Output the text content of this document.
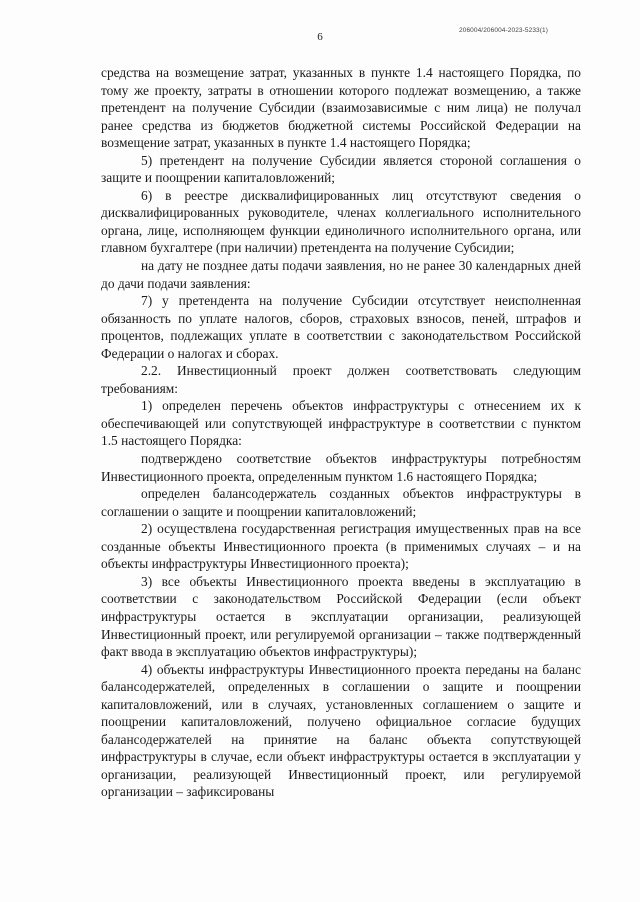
206004/206004-2023-5233(1)
6

средства на возмещение затрат, указанных в пункте 1.4 настоящего Порядка, по тому же проекту, затраты в отношении которого подлежат возмещению, а также претендент на получение Субсидии (взаимозависимые с ним лица) не получал ранее средства из бюджетов бюджетной системы Российской Федерации на возмещение затрат, указанных в пункте 1.4 настоящего Порядка;

5) претендент на получение Субсидии является стороной соглашения о защите и поощрении капиталовложений;

6) в реестре дисквалифицированных лиц отсутствуют сведения о дисквалифицированных руководителе, членах коллегиального исполнительного органа, лице, исполняющем функции единоличного исполнительного органа, или главном бухгалтере (при наличии) претендента на получение Субсидии;

на дату не позднее даты подачи заявления, но не ранее 30 календарных дней до дачи подачи заявления:

7) у претендента на получение Субсидии отсутствует неисполненная обязанность по уплате налогов, сборов, страховых взносов, пеней, штрафов и процентов, подлежащих уплате в соответствии с законодательством Российской Федерации о налогах и сборах.

2.2. Инвестиционный проект должен соответствовать следующим требованиям:

1) определен перечень объектов инфраструктуры с отнесением их к обеспечивающей или сопутствующей инфраструктуре в соответствии с пунктом 1.5 настоящего Порядка:

подтверждено соответствие объектов инфраструктуры потребностям Инвестиционного проекта, определенным пунктом 1.6 настоящего Порядка;

определен балансодержатель созданных объектов инфраструктуры в соглашении о защите и поощрении капиталовложений;

2) осуществлена государственная регистрация имущественных прав на все созданные объекты Инвестиционного проекта (в применимых случаях – и на объекты инфраструктуры Инвестиционного проекта);

3) все объекты Инвестиционного проекта введены в эксплуатацию в соответствии с законодательством Российской Федерации (если объект инфраструктуры остается в эксплуатации организации, реализующей Инвестиционный проект, или регулируемой организации – также подтвержденный факт ввода в эксплуатацию объектов инфраструктуры);

4) объекты инфраструктуры Инвестиционного проекта переданы на баланс балансодержателей, определенных в соглашении о защите и поощрении капиталовложений, или в случаях, установленных соглашением о защите и поощрении капиталовложений, получено официальное согласие будущих балансодержателей на принятие на баланс объекта сопутствующей инфраструктуры в случае, если объект инфраструктуры остается в эксплуатации у организации, реализующей Инвестиционный проект, или регулируемой организации – зафиксированы
